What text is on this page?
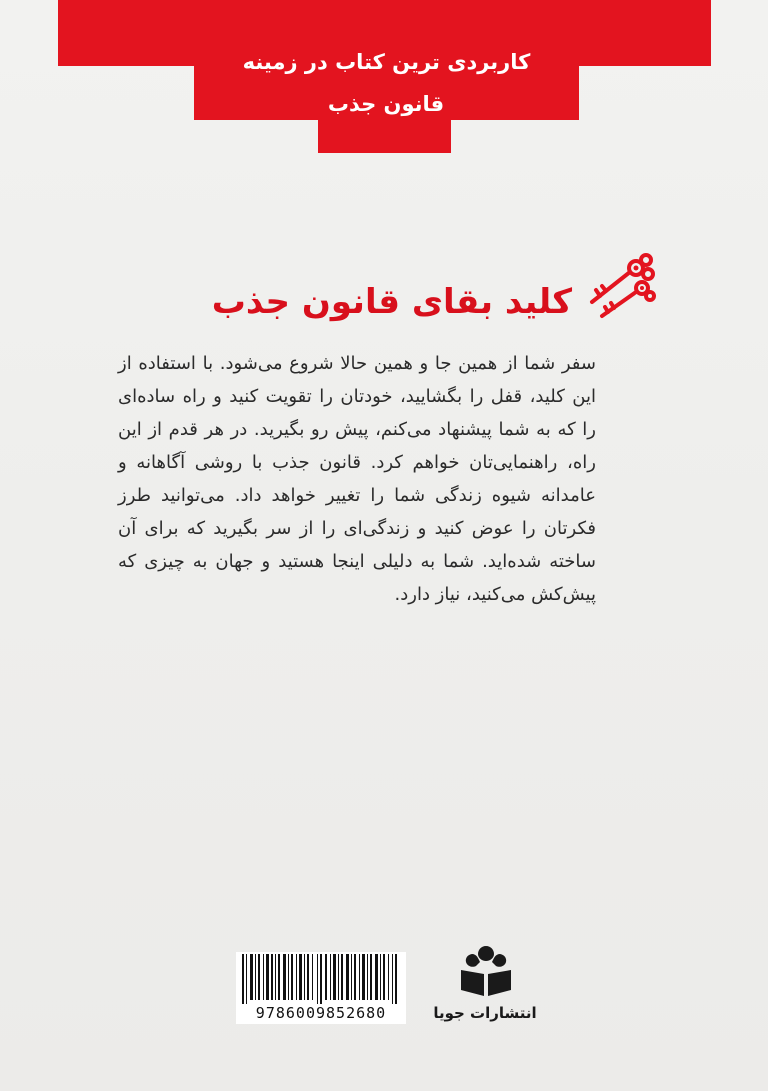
کاربردی ترین کتاب در زمینه
قانون جذب
کلید بقای قانون جذب
سفر شما از همین جا و همین حالا شروع می‌شود. با استفاده از این کلید، قفل را بگشایید، خودتان را تقویت کنید و راه ساده‌ای را که به شما پیشنهاد می‌کنم، پیش رو بگیرید. در هر قدم از این راه، راهنمایی‌تان خواهم کرد. قانون جذب با روشی آگاهانه و عامدانه شیوه زندگی شما را تغییر خواهد داد. می‌توانید طرز فکرتان را عوض کنید و زندگی‌ای را از سر بگیرید که برای آن ساخته شده‌اید. شما به دلیلی اینجا هستید و جهان به چیزی که پیش‌کش می‌کنید، نیاز دارد.
9786009852680	انتشارات جویا
